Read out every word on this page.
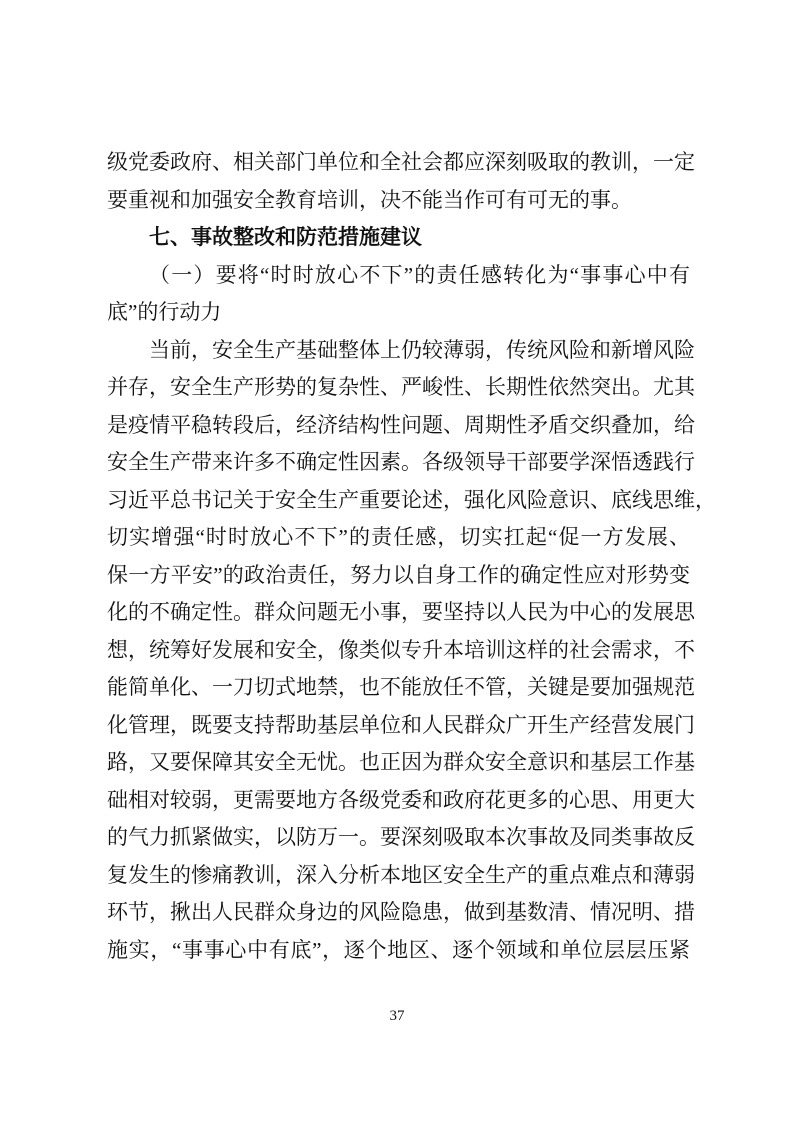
级党委政府、相关部门单位和全社会都应深刻吸取的教训，一定
要重视和加强安全教育培训，决不能当作可有可无的事。
七、事故整改和防范措施建议
（一）要将“时时放心不下”的责任感转化为“事事心中有
底”的行动力
当前，安全生产基础整体上仍较薄弱，传统风险和新增风险
并存，安全生产形势的复杂性、严峻性、长期性依然突出。尤其
是疫情平稳转段后，经济结构性问题、周期性矛盾交织叠加，给
安全生产带来许多不确定性因素。各级领导干部要学深悟透践行
习近平总书记关于安全生产重要论述，强化风险意识、底线思维，
切实增强“时时放心不下”的责任感，切实扛起“促一方发展、
保一方平安”的政治责任，努力以自身工作的确定性应对形势变
化的不确定性。群众问题无小事，要坚持以人民为中心的发展思
想，统筹好发展和安全，像类似专升本培训这样的社会需求，不
能简单化、一刀切式地禁，也不能放任不管，关键是要加强规范
化管理，既要支持帮助基层单位和人民群众广开生产经营发展门
路，又要保障其安全无忧。也正因为群众安全意识和基层工作基
础相对较弱，更需要地方各级党委和政府花更多的心思、用更大
的气力抓紧做实，以防万一。要深刻吸取本次事故及同类事故反
复发生的惨痛教训，深入分析本地区安全生产的重点难点和薄弱
环节，揪出人民群众身边的风险隐患，做到基数清、情况明、措
施实，“事事心中有底”，逐个地区、逐个领域和单位层层压紧
37
